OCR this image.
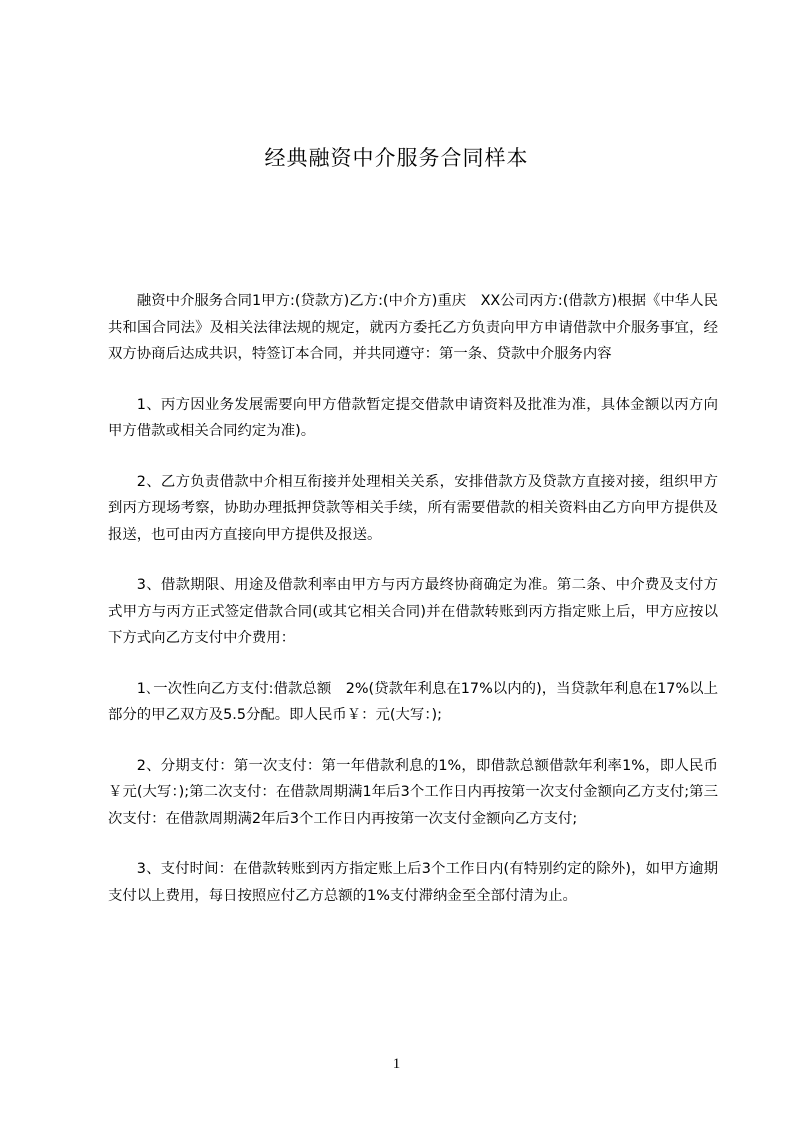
经典融资中介服务合同样本

融资中介服务合同1甲方:(贷款方)乙方:(中介方)重庆　XX公司丙方:(借款方)根据《中华人民共和国合同法》及相关法律法规的规定，就丙方委托乙方负责向甲方申请借款中介服务事宜，经双方协商后达成共识，特签订本合同，并共同遵守：第一条、贷款中介服务内容

1、丙方因业务发展需要向甲方借款暂定提交借款申请资料及批准为准，具体金额以丙方向甲方借款或相关合同约定为准)。

2、乙方负责借款中介相互衔接并处理相关关系，安排借款方及贷款方直接对接，组织甲方到丙方现场考察，协助办理抵押贷款等相关手续，所有需要借款的相关资料由乙方向甲方提供及报送，也可由丙方直接向甲方提供及报送。

3、借款期限、用途及借款利率由甲方与丙方最终协商确定为准。第二条、中介费及支付方式甲方与丙方正式签定借款合同(或其它相关合同)并在借款转账到丙方指定账上后，甲方应按以下方式向乙方支付中介费用：

1､一次性向乙方支付:借款总额　2%(贷款年利息在17%以内的)，当贷款年利息在17%以上部分的甲乙双方及5.5分配。即人民币￥：元(大写：);

2、分期支付：第一次支付：第一年借款利息的1%，即借款总额借款年利率1%，即人民币￥元(大写：);第二次支付：在借款周期满1年后3个工作日内再按第一次支付金额向乙方支付;第三次支付：在借款周期满2年后3个工作日内再按第一次支付金额向乙方支付;

3、支付时间：在借款转账到丙方指定账上后3个工作日内(有特别约定的除外)，如甲方逾期支付以上费用，每日按照应付乙方总额的1%支付滞纳金至全部付清为止。

1
